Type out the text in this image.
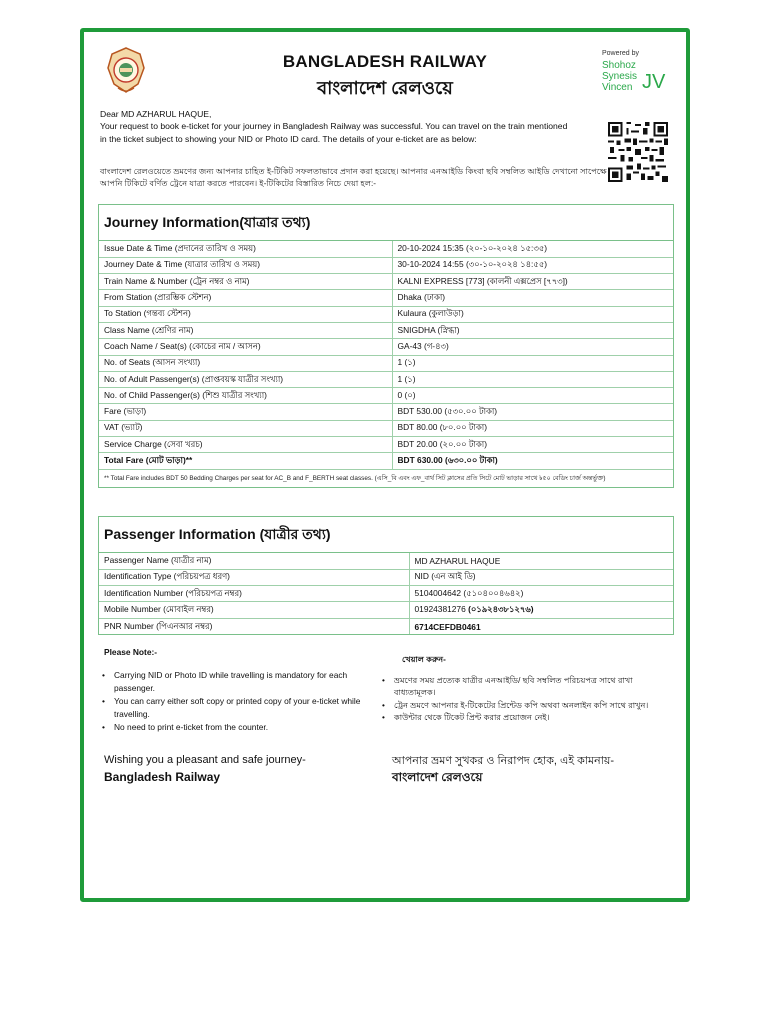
BANGLADESH RAILWAY
বাংলাদেশ রেলওয়ে
Powered by
Shohoz
Synesis
Vincen JV
Dear MD AZHARUL HAQUE,
Your request to book e-ticket for your journey in Bangladesh Railway was successful. You can travel on the train mentioned
in the ticket subject to showing your NID or Photo ID card. The details of your e-ticket are as below:
বাংলাদেশ রেলওয়েতে ভ্রমণের জন্য আপনার চাহিত ই-টিকিট সফলতাভাবে প্রদান করা হয়েছে। আপনার এনআইডি কিংবা ছবি সম্বলিত আইডি দেখানো সাপেক্ষে
আপনি টিকিটে বর্ণিত ট্রেনে যাত্রা করতে পারবেন। ই-টিকিটের বিস্তারিত নিচে দেয়া হল:-
Journey Information(যাত্রার তথ্য)
Issue Date & Time (প্রদানের তারিখ ও সময়)	20-10-2024 15:35 (২০-১০-২০২৪ ১৫:৩৫)
Journey Date & Time (যাত্রার তারিখ ও সময়)	30-10-2024 14:55 (৩০-১০-২০২৪ ১৪:৫৫)
Train Name & Number (ট্রেন নম্বর ও নাম)	KALNI EXPRESS [773] (কালনী এক্সপ্রেস [৭৭৩])
From Station (প্রারম্ভিক স্টেশন)	Dhaka (ঢাকা)
To Station (গন্তব্য স্টেশন)	Kulaura (কুলাউড়া)
Class Name (শ্রেণির নাম)	SNIGDHA (স্নিগ্ধা)
Coach Name / Seat(s) (কোচের নাম / আসন)	GA-43 (গ-৪৩)
No. of Seats (আসন সংখ্যা)	1 (১)
No. of Adult Passenger(s) (প্রাপ্তবয়স্ক যাত্রীর সংখ্যা)	1 (১)
No. of Child Passenger(s) (শিশু যাত্রীর সংখ্যা)	0 (০)
Fare (ভাড়া)	BDT 530.00 (৫৩০.০০ টাকা)
VAT (ভ্যাট)	BDT 80.00 (৮০.০০ টাকা)
Service Charge (সেবা খরচ)	BDT 20.00 (২০.০০ টাকা)
Total Fare (মোট ভাড়া)**	BDT 630.00 (৬৩০.০০ টাকা)
** Total Fare includes BDT 50 Bedding Charges per seat for AC_B and F_BERTH seat classes. (এসি_বি এবং এফ_বার্থ সিট ক্লাসের প্রতি সিটে মোট ভাড়ার সাথে ৳৫০ বেডিং চার্জ অন্তর্ভুক্ত)
Passenger Information (যাত্রীর তথ্য)
Passenger Name (যাত্রীর নাম)	MD AZHARUL HAQUE
Identification Type (পরিচয়পত্র ধরণ)	NID (এন আই ডি)
Identification Number (পরিচয়পত্র নম্বর)	5104004642 (৫১০৪০০৪৬৪২)
Mobile Number (মোবাইল নম্বর)	01924381276 (০১৯২৪৩৮১২৭৬)
PNR Number (পিএনআর নম্বর)	6714CEFDB0461
Please Note:-
• Carrying NID or Photo ID while travelling is mandatory for each passenger.
• You can carry either soft copy or printed copy of your e-ticket while travelling.
• No need to print e-ticket from the counter.
খেয়াল করুন-
• ভ্রমণের সময় প্রত্যেক যাত্রীর এনআইডি/ ছবি সম্বলিত পরিচয়পত্র সাথে রাখা বাধ্যতামূলক।
• ট্রেন ভ্রমণে আপনার ই-টিকেটের প্রিন্টেড কপি অথবা অনলাইন কপি সাথে রাখুন।
• কাউন্টার থেকে টিকেট প্রিন্ট করার প্রয়োজন নেই।
Wishing you a pleasant and safe journey-
Bangladesh Railway
আপনার ভ্রমণ সুখকর ও নিরাপদ হোক, এই কামনায়-
বাংলাদেশ রেলওয়ে
